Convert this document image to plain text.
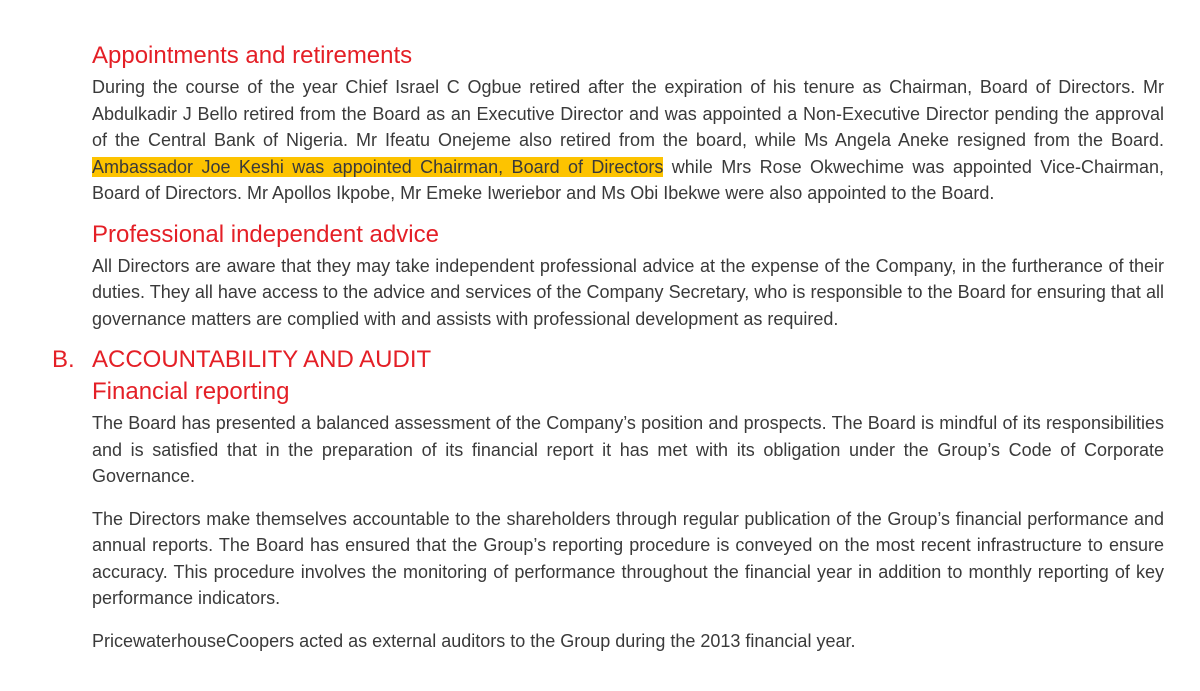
Appointments and retirements

During the course of the year Chief Israel C Ogbue retired after the expiration of his tenure as Chairman, Board of Directors. Mr Abdulkadir J Bello retired from the Board as an Executive Director and was appointed a Non-Executive Director pending the approval of the Central Bank of Nigeria. Mr Ifeatu Onejeme also retired from the board, while Ms Angela Aneke resigned from the Board. Ambassador Joe Keshi was appointed Chairman, Board of Directors while Mrs Rose Okwechime was appointed Vice-Chairman, Board of Directors. Mr Apollos Ikpobe, Mr Emeke Iweriebor and Ms Obi Ibekwe were also appointed to the Board.

Professional independent advice

All Directors are aware that they may take independent professional advice at the expense of the Company, in the furtherance of their duties. They all have access to the advice and services of the Company Secretary, who is responsible to the Board for ensuring that all governance matters are complied with and assists with professional development as required.

B. ACCOUNTABILITY AND AUDIT
Financial reporting

The Board has presented a balanced assessment of the Company’s position and prospects. The Board is mindful of its responsibilities and is satisfied that in the preparation of its financial report it has met with its obligation under the Group’s Code of Corporate Governance.

The Directors make themselves accountable to the shareholders through regular publication of the Group’s financial performance and annual reports. The Board has ensured that the Group’s reporting procedure is conveyed on the most recent infrastructure to ensure accuracy. This procedure involves the monitoring of performance throughout the financial year in addition to monthly reporting of key performance indicators.

PricewaterhouseCoopers acted as external auditors to the Group during the 2013 financial year.
